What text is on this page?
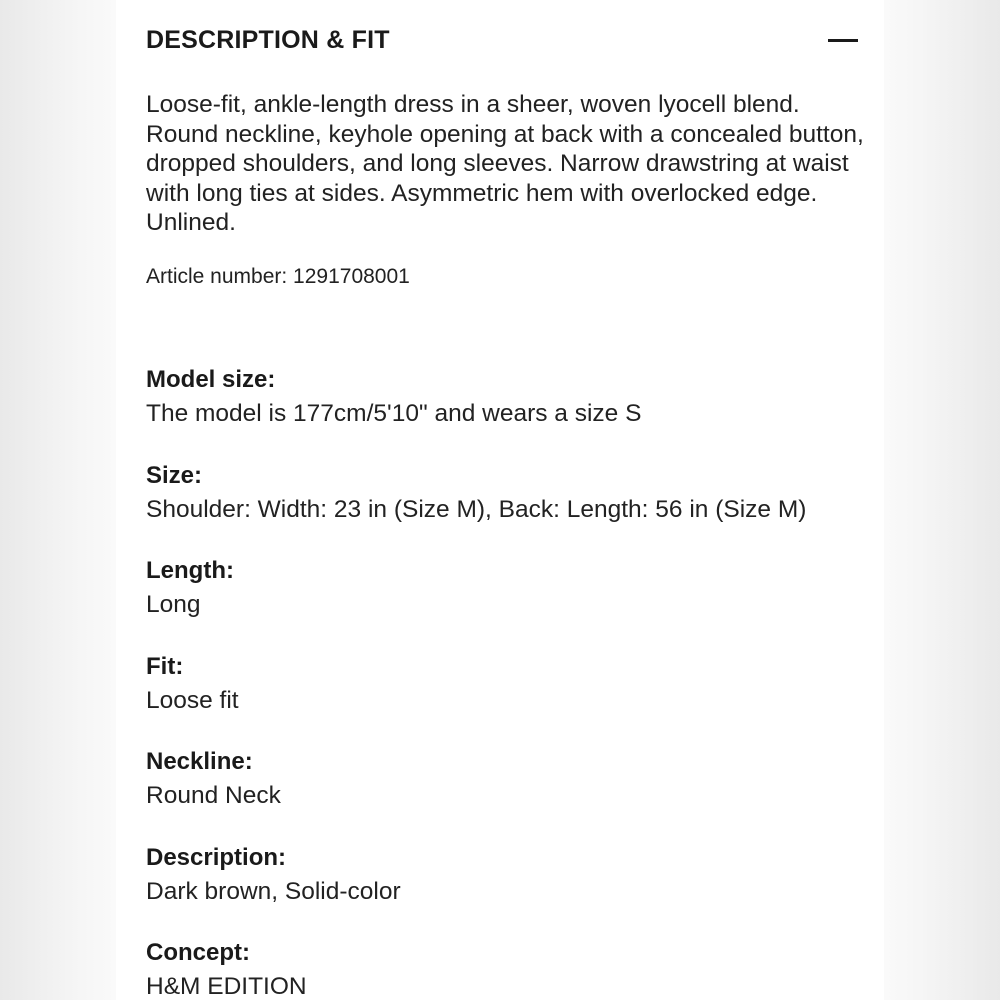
DESCRIPTION & FIT
Loose-fit, ankle-length dress in a sheer, woven lyocell blend. Round neckline, keyhole opening at back with a concealed button, dropped shoulders, and long sleeves. Narrow drawstring at waist with long ties at sides. Asymmetric hem with overlocked edge. Unlined.
Article number: 1291708001
Model size:
The model is 177cm/5'10" and wears a size S
Size:
Shoulder: Width: 23 in (Size M), Back: Length: 56 in (Size M)
Length:
Long
Fit:
Loose fit
Neckline:
Round Neck
Description:
Dark brown, Solid-color
Concept:
H&M EDITION
